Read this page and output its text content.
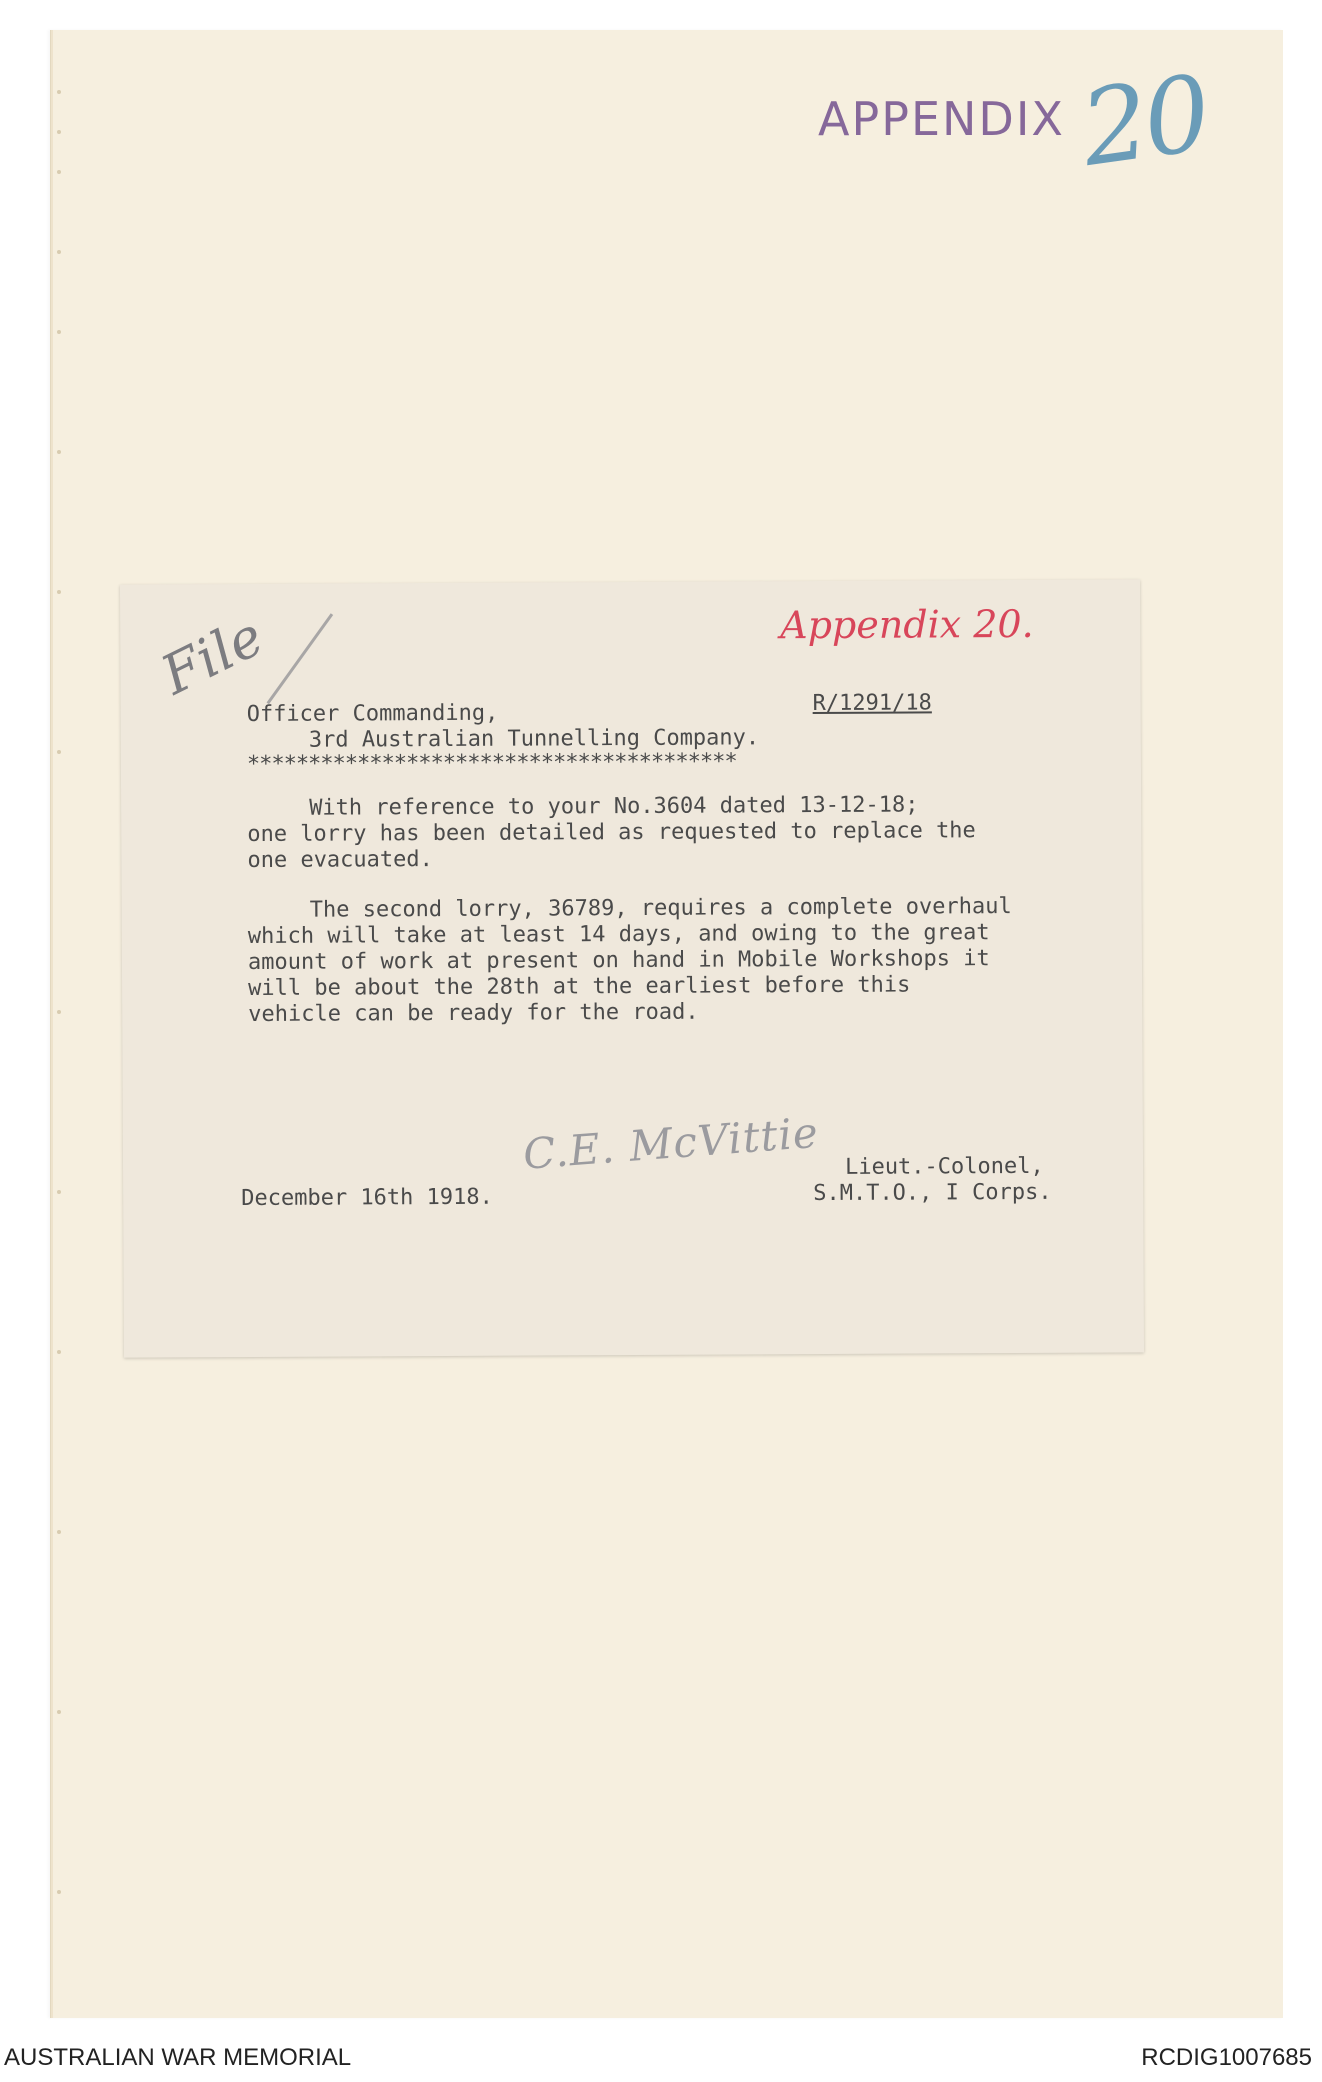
APPENDIX 20
File	Appendix 20.
Officer Commanding,	R/1291/18
3rd Australian Tunnelling Company.
****************************************
With reference to your No.3604 dated 13-12-18;
one lorry has been detailed as requested to replace the
one evacuated.
The second lorry, 36789, requires a complete overhaul
which will take at least 14 days, and owing to the great
amount of work at present on hand in Mobile Workshops it
will be about the 28th at the earliest before this
vehicle can be ready for the road.
C.E. McVittie Lieut.-Colonel,
December 16th 1918.	S.M.T.O., I Corps.
AUSTRALIAN WAR MEMORIAL	RCDIG1007685
